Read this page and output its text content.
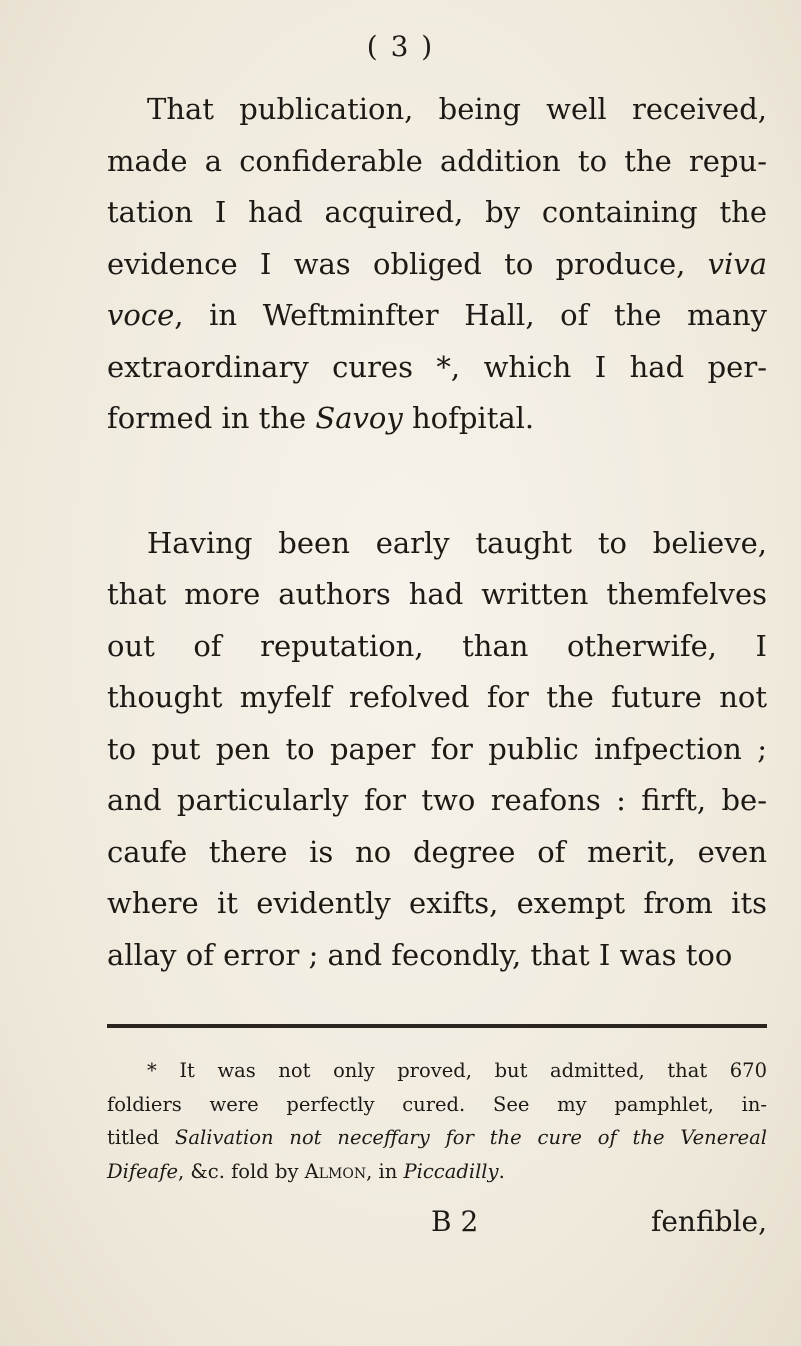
( 3 )
That publication, being well received,
made a confiderable addition to the repu-
tation I had acquired, by containing the
evidence I was obliged to produce, viva
voce, in Weftminfter Hall, of the many
extraordinary cures *, which I had per-
formed in the Savoy hofpital.
Having been early taught to believe,
that more authors had written themfelves
out of reputation, than otherwife, I
thought myfelf refolved for the future not
to put pen to paper for public infpection ;
and particularly for two reafons : firft, be-
caufe there is no degree of merit, even
where it evidently exifts, exempt from its
allay of error ; and fecondly, that I was too
* It was not only proved, but admitted, that 670
foldiers were perfectly cured. See my pamphlet, in-
titled Salivation not neceffary for the cure of the Venereal
Difeafe, &c. fold by Almon, in Piccadilly.
B 2	fenfible,
